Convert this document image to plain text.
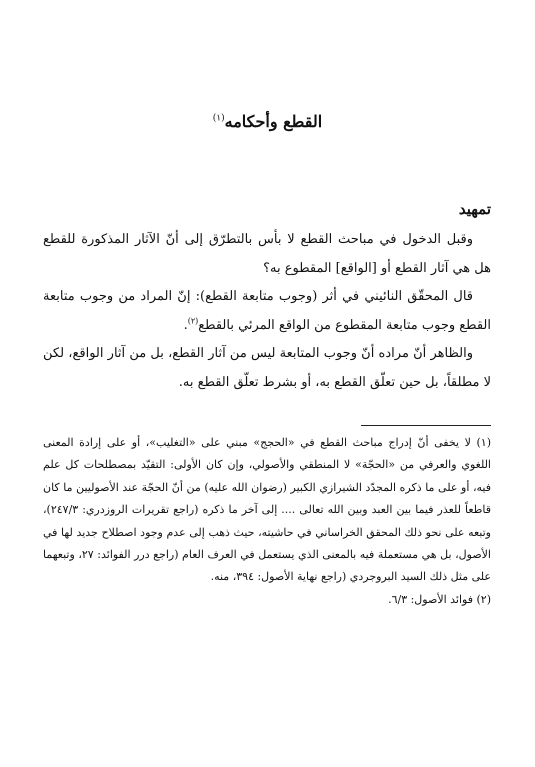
القطع وأحكامه$^{(١)}$
تمهيد

وقبل الدخول في مباحث القطع لا بأس بالتطرّق إلى أنّ الآثار المذكورة للقطع هل هي آثار القطع أو [الواقع] المقطوع به؟

قال المحقّق النائيني في أثر (وجوب متابعة القطع): إنّ المراد من وجوب متابعة القطع وجوب متابعة المقطوع من الواقع المرئي بالقطع$^{(٢)}$.

والظاهر أنّ مراده أنّ وجوب المتابعة ليس من آثار القطع، بل من آثار الواقع، لكن لا مطلقاً، بل حين تعلّق القطع به، أو بشرط تعلّق القطع به.

(١) لا يخفى أنّ إدراج مباحث القطع في «الحجج» مبني على «التغليب»، أو على إرادة المعنى اللغوي والعرفي من «الحجّة» لا المنطقي والأصولي، وإن كان الأولى: التقيّد بمصطلحات كل علم فيه، أو على ما ذكره المجدّد الشيرازي الكبير (رضوان الله عليه) من أنّ الحجّة عند الأصوليين ما كان قاطعاً للعذر فيما بين العبد وبين الله تعالى .... إلى آخر ما ذكره (راجع تقريرات الروزدري: ٢٤٧/٣)، وتبعه على نحو ذلك المحقق الخراساني في حاشيته، حيث ذهب إلى عدم وجود اصطلاح جديد لها في الأصول، بل هي مستعملة فيه بالمعنى الذي يستعمل في العرف العام (راجع درر الفوائد: ٢٧، وتبعهما على مثل ذلك السيد البروجردي (راجع نهاية الأصول: ٣٩٤، منه.

(٢) فوائد الأصول: ٦/٣.
